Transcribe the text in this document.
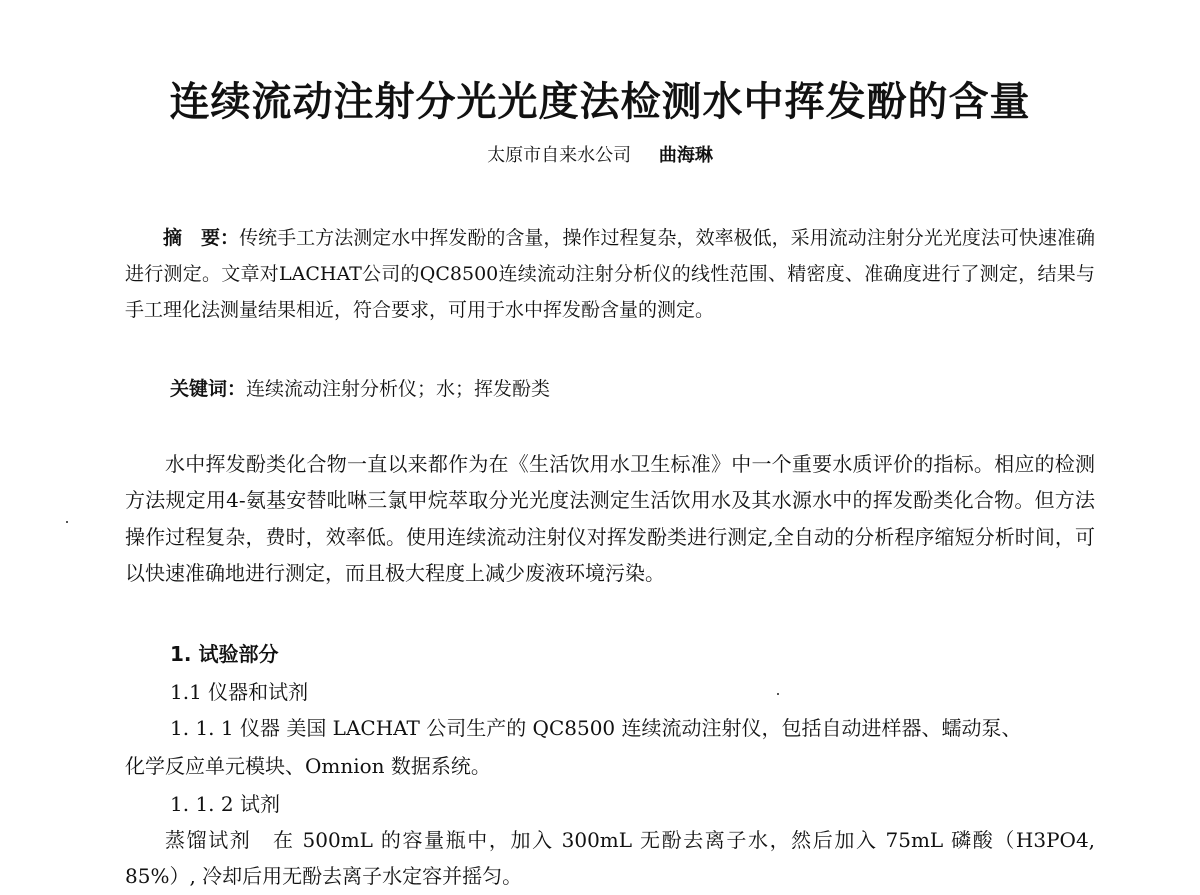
连续流动注射分光光度法检测水中挥发酚的含量
太原市自来水公司 曲海琳

摘　要：传统手工方法测定水中挥发酚的含量，操作过程复杂，效率极低，采用流动注射分光光度法可快速准确进行测定。文章对LACHAT公司的QC8500连续流动注射分析仪的线性范围、精密度、准确度进行了测定，结果与手工理化法测量结果相近，符合要求，可用于水中挥发酚含量的测定。

关键词：连续流动注射分析仪；水；挥发酚类

水中挥发酚类化合物一直以来都作为在《生活饮用水卫生标准》中一个重要水质评价的指标。相应的检测方法规定用4-氨基安替吡啉三氯甲烷萃取分光光度法测定生活饮用水及其水源水中的挥发酚类化合物。但方法操作过程复杂，费时，效率低。使用连续流动注射仪对挥发酚类进行测定,全自动的分析程序缩短分析时间，可以快速准确地进行测定，而且极大程度上减少废液环境污染。

1. 试验部分
1.1 仪器和试剂
1. 1. 1 仪器 美国 LACHAT 公司生产的 QC8500 连续流动注射仪，包括自动进样器、蠕动泵、
化学反应单元模块、Omnion 数据系统。
1. 1. 2 试剂

蒸馏试剂　 在 500mL 的容量瓶中，加入 300mL 无酚去离子水，然后加入 75mL 磷酸（H3PO4, 85%）, 冷却后用无酚去离子水定容并摇匀。
